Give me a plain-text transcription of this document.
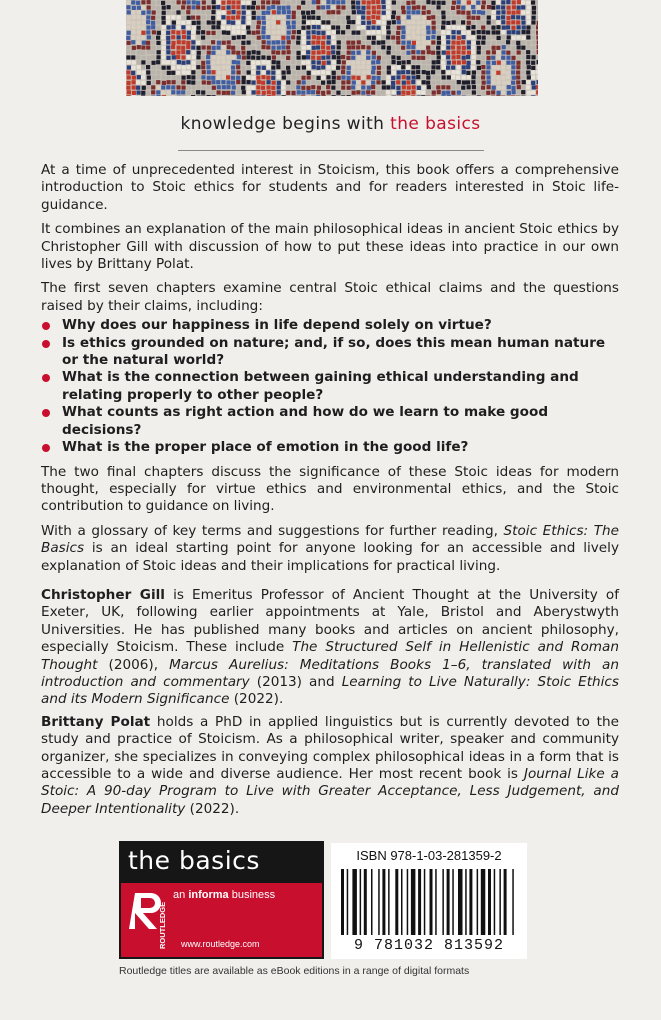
knowledge begins with the basics

At a time of unprecedented interest in Stoicism, this book offers a comprehensive introduction to Stoic ethics for students and for readers interested in Stoic life-guidance.

It combines an explanation of the main philosophical ideas in ancient Stoic ethics by Christopher Gill with discussion of how to put these ideas into practice in our own lives by Brittany Polat.

The first seven chapters examine central Stoic ethical claims and the questions raised by their claims, including:

Why does our happiness in life depend solely on virtue?
Is ethics grounded on nature; and, if so, does this mean human nature or the natural world?
What is the connection between gaining ethical understanding and relating properly to other people?
What counts as right action and how do we learn to make good decisions?
What is the proper place of emotion in the good life?

The two final chapters discuss the significance of these Stoic ideas for modern thought, especially for virtue ethics and environmental ethics, and the Stoic contribution to guidance on living.

With a glossary of key terms and suggestions for further reading, Stoic Ethics: The Basics is an ideal starting point for anyone looking for an accessible and lively explanation of Stoic ideas and their implications for practical living.

Christopher Gill is Emeritus Professor of Ancient Thought at the University of Exeter, UK, following earlier appointments at Yale, Bristol and Aberystwyth Universities. He has published many books and articles on ancient philosophy, especially Stoicism. These include The Structured Self in Hellenistic and Roman Thought (2006), Marcus Aurelius: Meditations Books 1–6, translated with an introduction and commentary (2013) and Learning to Live Naturally: Stoic Ethics and its Modern Significance (2022).

Brittany Polat holds a PhD in applied linguistics but is currently devoted to the study and practice of Stoicism. As a philosophical writer, speaker and community organizer, she specializes in conveying complex philosophical ideas in a form that is accessible to a wide and diverse audience. Her most recent book is Journal Like a Stoic: A 90-day Program to Live with Greater Acceptance, Less Judgement, and Deeper Intentionality (2022).

the basics
ROUTLEDGE
an informa business
www.routledge.com
ISBN 978-1-03-281359-2
9 781032 813592
Routledge titles are available as eBook editions in a range of digital formats
